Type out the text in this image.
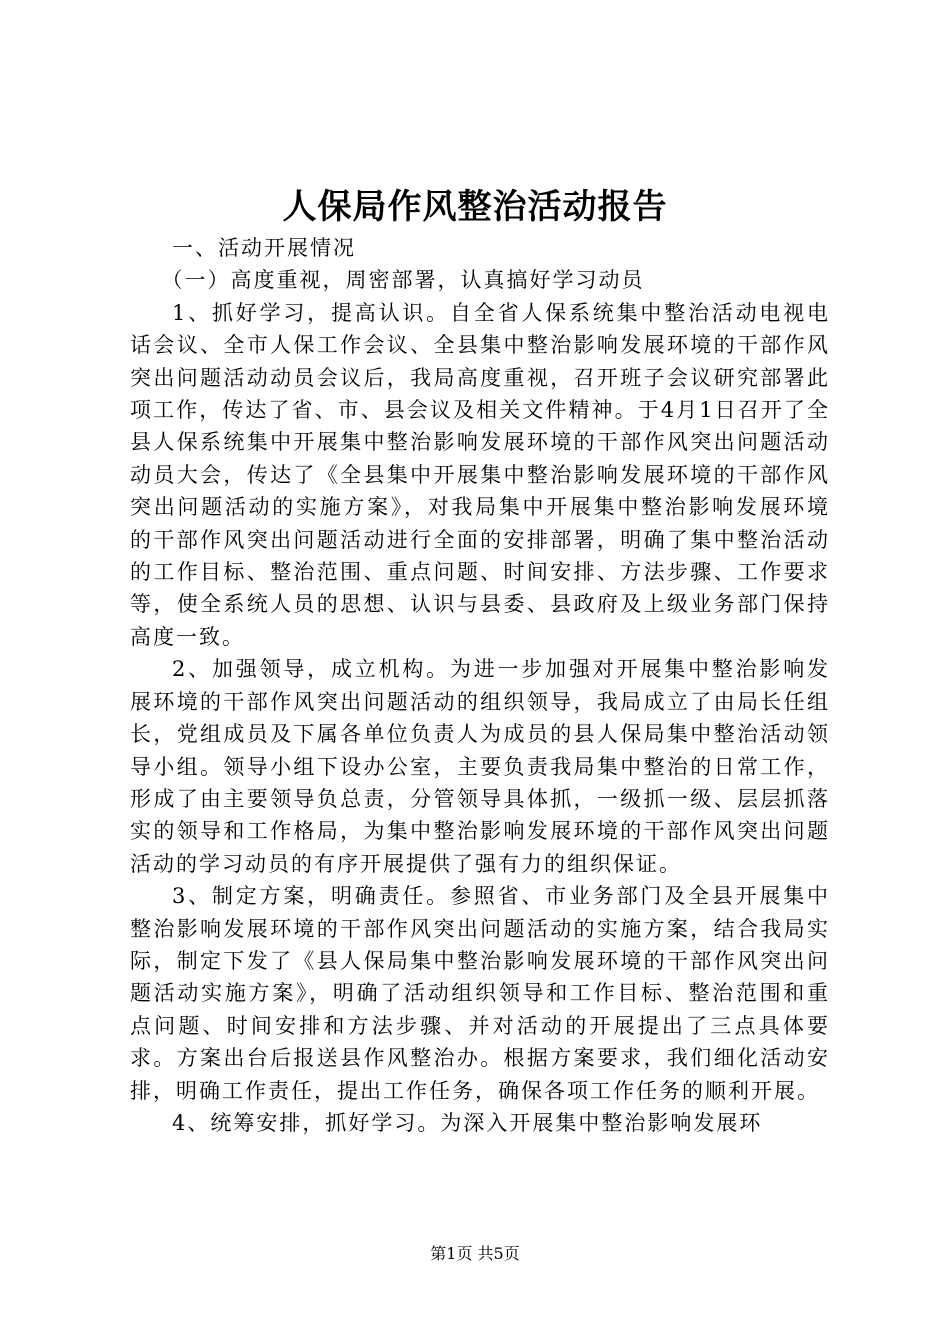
人保局作风整治活动报告

一、活动开展情况

（一）高度重视，周密部署，认真搞好学习动员

1、抓好学习，提高认识。自全省人保系统集中整治活动电视电话会议、全市人保工作会议、全县集中整治影响发展环境的干部作风突出问题活动动员会议后，我局高度重视，召开班子会议研究部署此项工作，传达了省、市、县会议及相关文件精神。于4月1日召开了全县人保系统集中开展集中整治影响发展环境的干部作风突出问题活动动员大会，传达了《全县集中开展集中整治影响发展环境的干部作风突出问题活动的实施方案》，对我局集中开展集中整治影响发展环境的干部作风突出问题活动进行全面的安排部署，明确了集中整治活动的工作目标、整治范围、重点问题、时间安排、方法步骤、工作要求等，使全系统人员的思想、认识与县委、县政府及上级业务部门保持高度一致。

2、加强领导，成立机构。为进一步加强对开展集中整治影响发展环境的干部作风突出问题活动的组织领导，我局成立了由局长任组长，党组成员及下属各单位负责人为成员的县人保局集中整治活动领导小组。领导小组下设办公室，主要负责我局集中整治的日常工作，形成了由主要领导负总责，分管领导具体抓，一级抓一级、层层抓落实的领导和工作格局，为集中整治影响发展环境的干部作风突出问题活动的学习动员的有序开展提供了强有力的组织保证。

3、制定方案，明确责任。参照省、市业务部门及全县开展集中整治影响发展环境的干部作风突出问题活动的实施方案，结合我局实际，制定下发了《县人保局集中整治影响发展环境的干部作风突出问题活动实施方案》，明确了活动组织领导和工作目标、整治范围和重点问题、时间安排和方法步骤、并对活动的开展提出了三点具体要求。方案出台后报送县作风整治办。根据方案要求，我们细化活动安排，明确工作责任，提出工作任务，确保各项工作任务的顺利开展。

4、统筹安排，抓好学习。为深入开展集中整治影响发展环

第1页 共5页
